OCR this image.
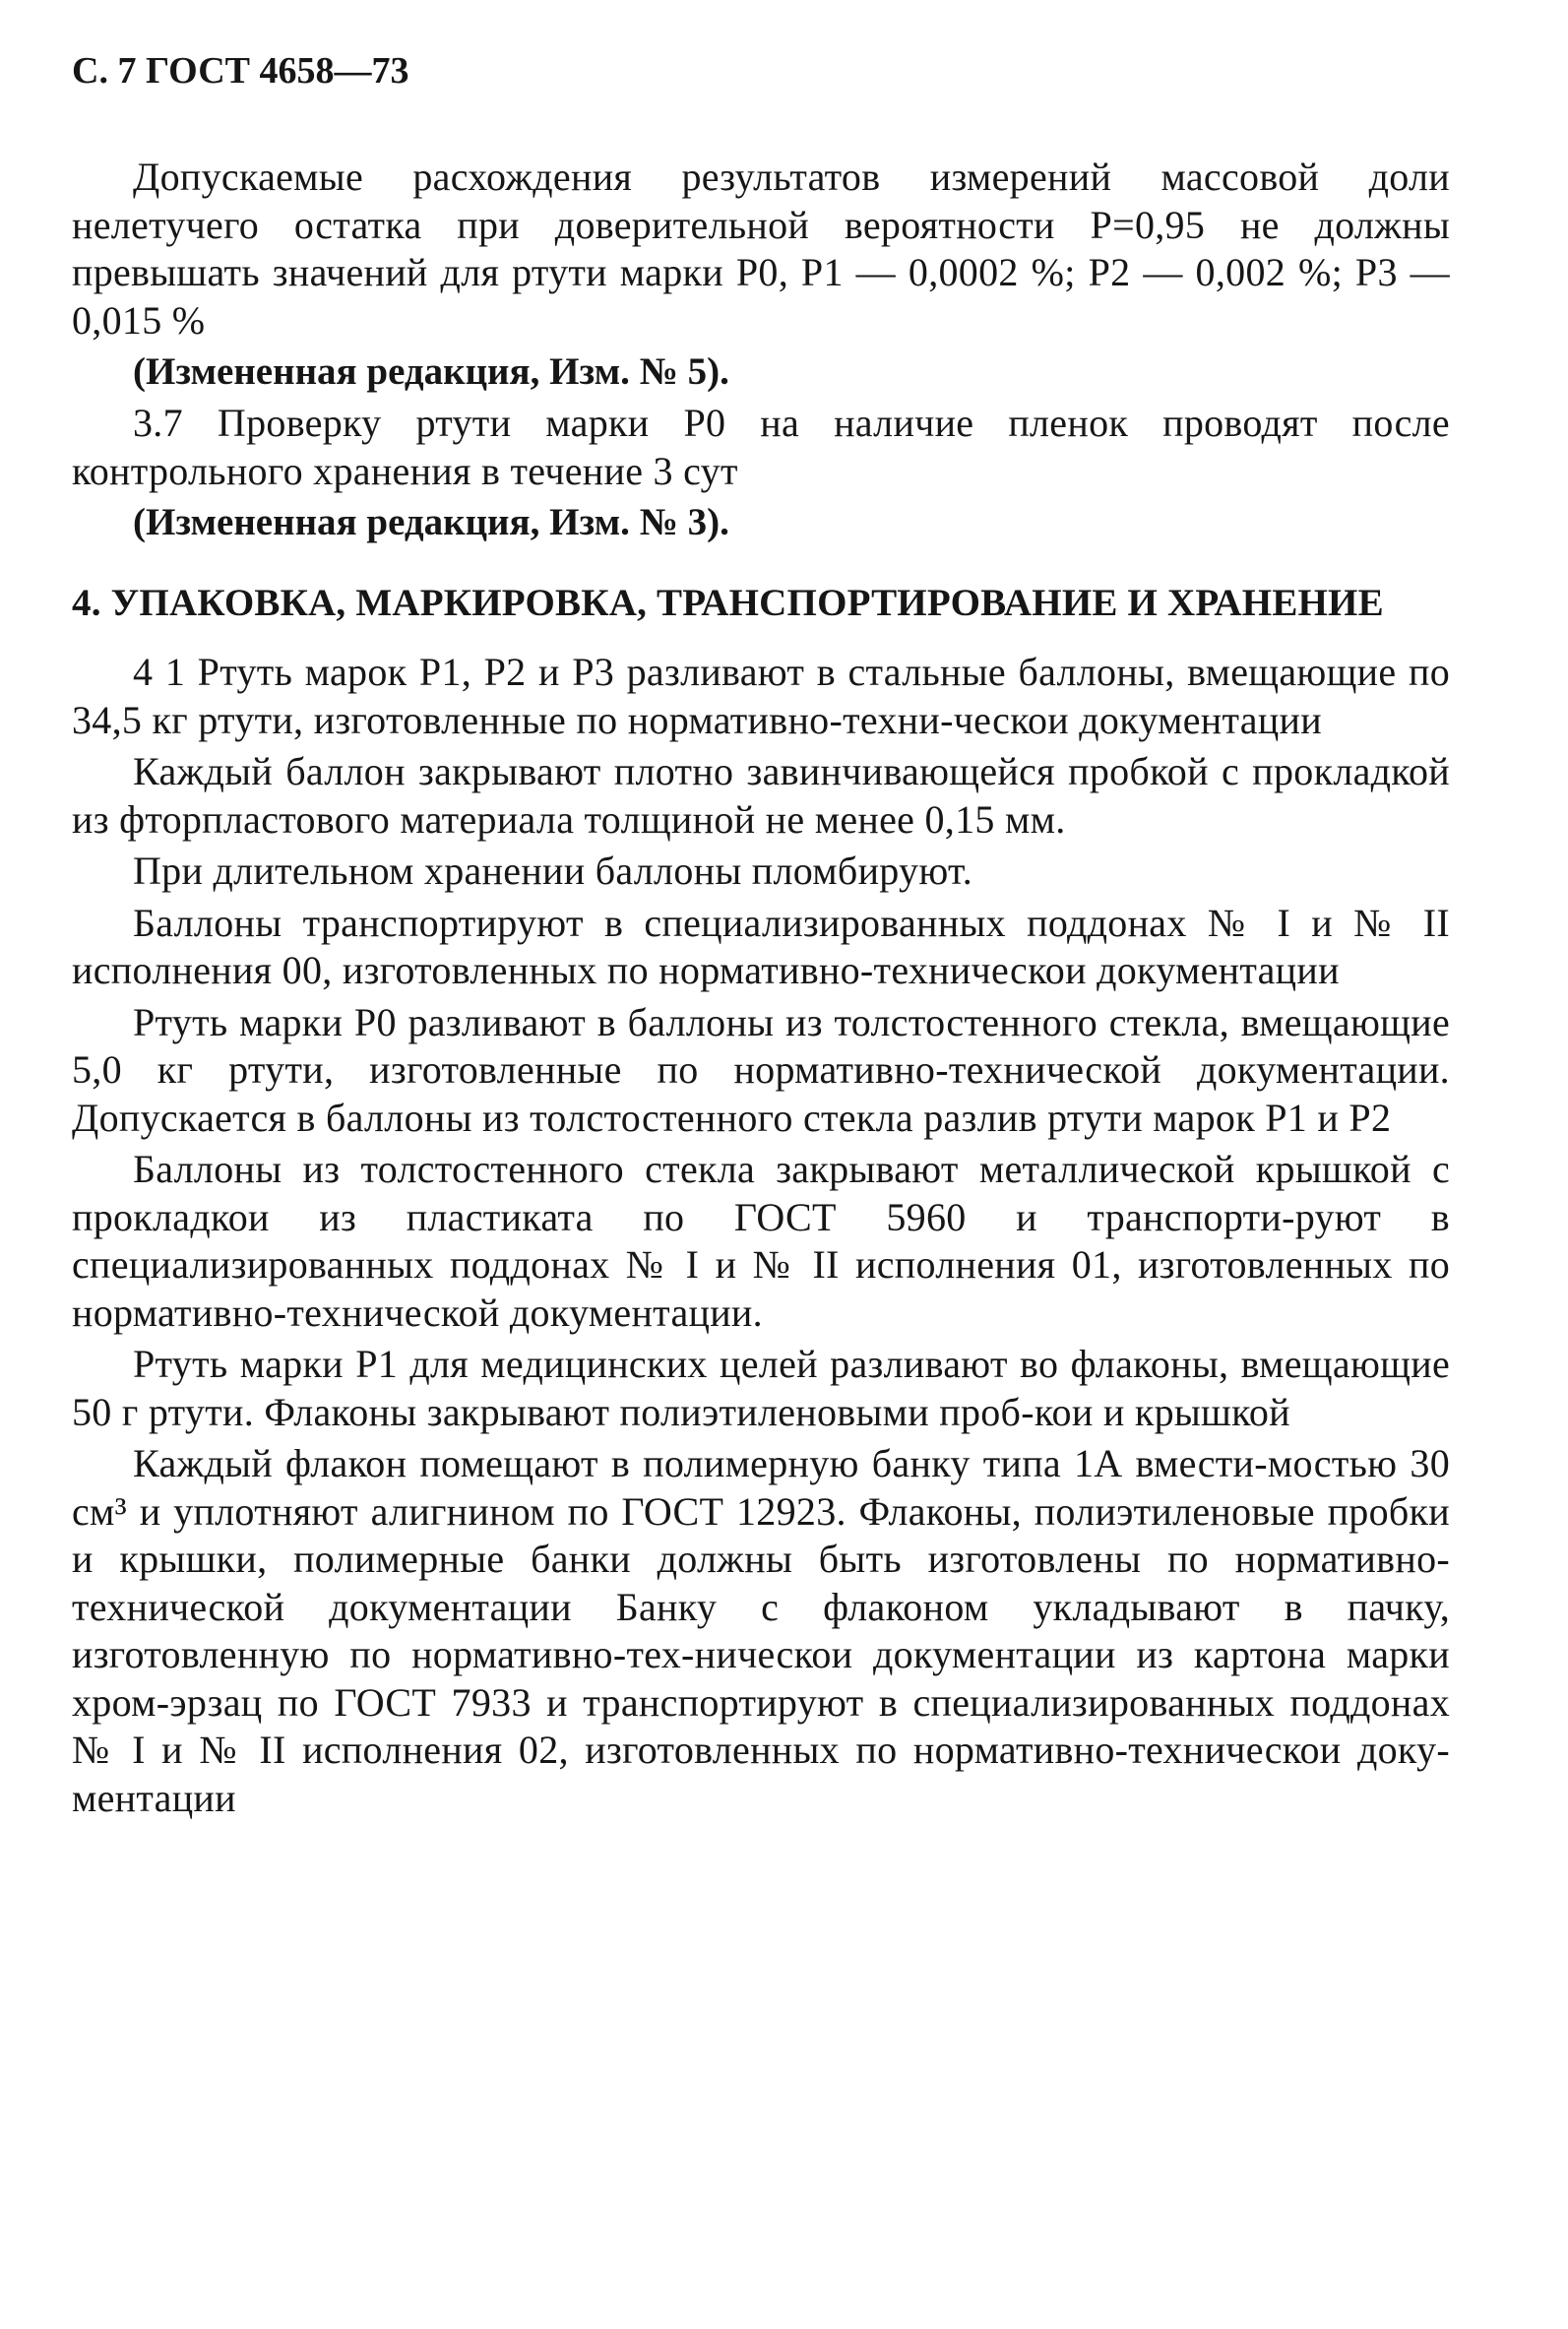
С. 7 ГОСТ 4658—73

Допускаемые расхождения результатов измерений массовой доли нелетучего остатка при доверительной вероятности P=0,95 не должны превышать значений для ртути марки Р0, Р1 — 0,0002 %; Р2 — 0,002 %; Р3 — 0,015 %

(Измененная редакция, Изм. № 5).

3.7 Проверку ртути марки Р0 на наличие пленок проводят после контрольного хранения в течение 3 сут

(Измененная редакция, Изм. № 3).

4. УПАКОВКА, МАРКИРОВКА, ТРАНСПОРТИРОВАНИЕ И ХРАНЕНИЕ

4 1 Ртуть марок Р1, Р2 и Р3 разливают в стальные баллоны, вмещающие по 34,5 кг ртути, изготовленные по нормативно-техни-ческои документации

Каждый баллон закрывают плотно завинчивающейся пробкой с прокладкой из фторпластового материала толщиной не менее 0,15 мм.

При длительном хранении баллоны пломбируют.

Баллоны транспортируют в специализированных поддонах № I и № II исполнения 00, изготовленных по нормативно-техническои документации

Ртуть марки Р0 разливают в баллоны из толстостенного стекла, вмещающие 5,0 кг ртути, изготовленные по нормативно-технической документации. Допускается в баллоны из толстостенного стекла разлив ртути марок Р1 и Р2

Баллоны из толстостенного стекла закрывают металлической крышкой с прокладкои из пластиката по ГОСТ 5960 и транспорти-руют в специализированных поддонах № I и № II исполнения 01, изготовленных по нормативно-технической документации.

Ртуть марки Р1 для медицинских целей разливают во флаконы, вмещающие 50 г ртути. Флаконы закрывают полиэтиленовыми проб-кои и крышкой

Каждый флакон помещают в полимерную банку типа 1А вмести-мостью 30 см³ и уплотняют алигнином по ГОСТ 12923. Флаконы, полиэтиленовые пробки и крышки, полимерные банки должны быть изготовлены по нормативно-технической документации Банку с флаконом укладывают в пачку, изготовленную по нормативно-тех-ническои документации из картона марки хром-эрзац по ГОСТ 7933 и транспортируют в специализированных поддонах № I и № II исполнения 02, изготовленных по нормативно-техническои доку-ментации
